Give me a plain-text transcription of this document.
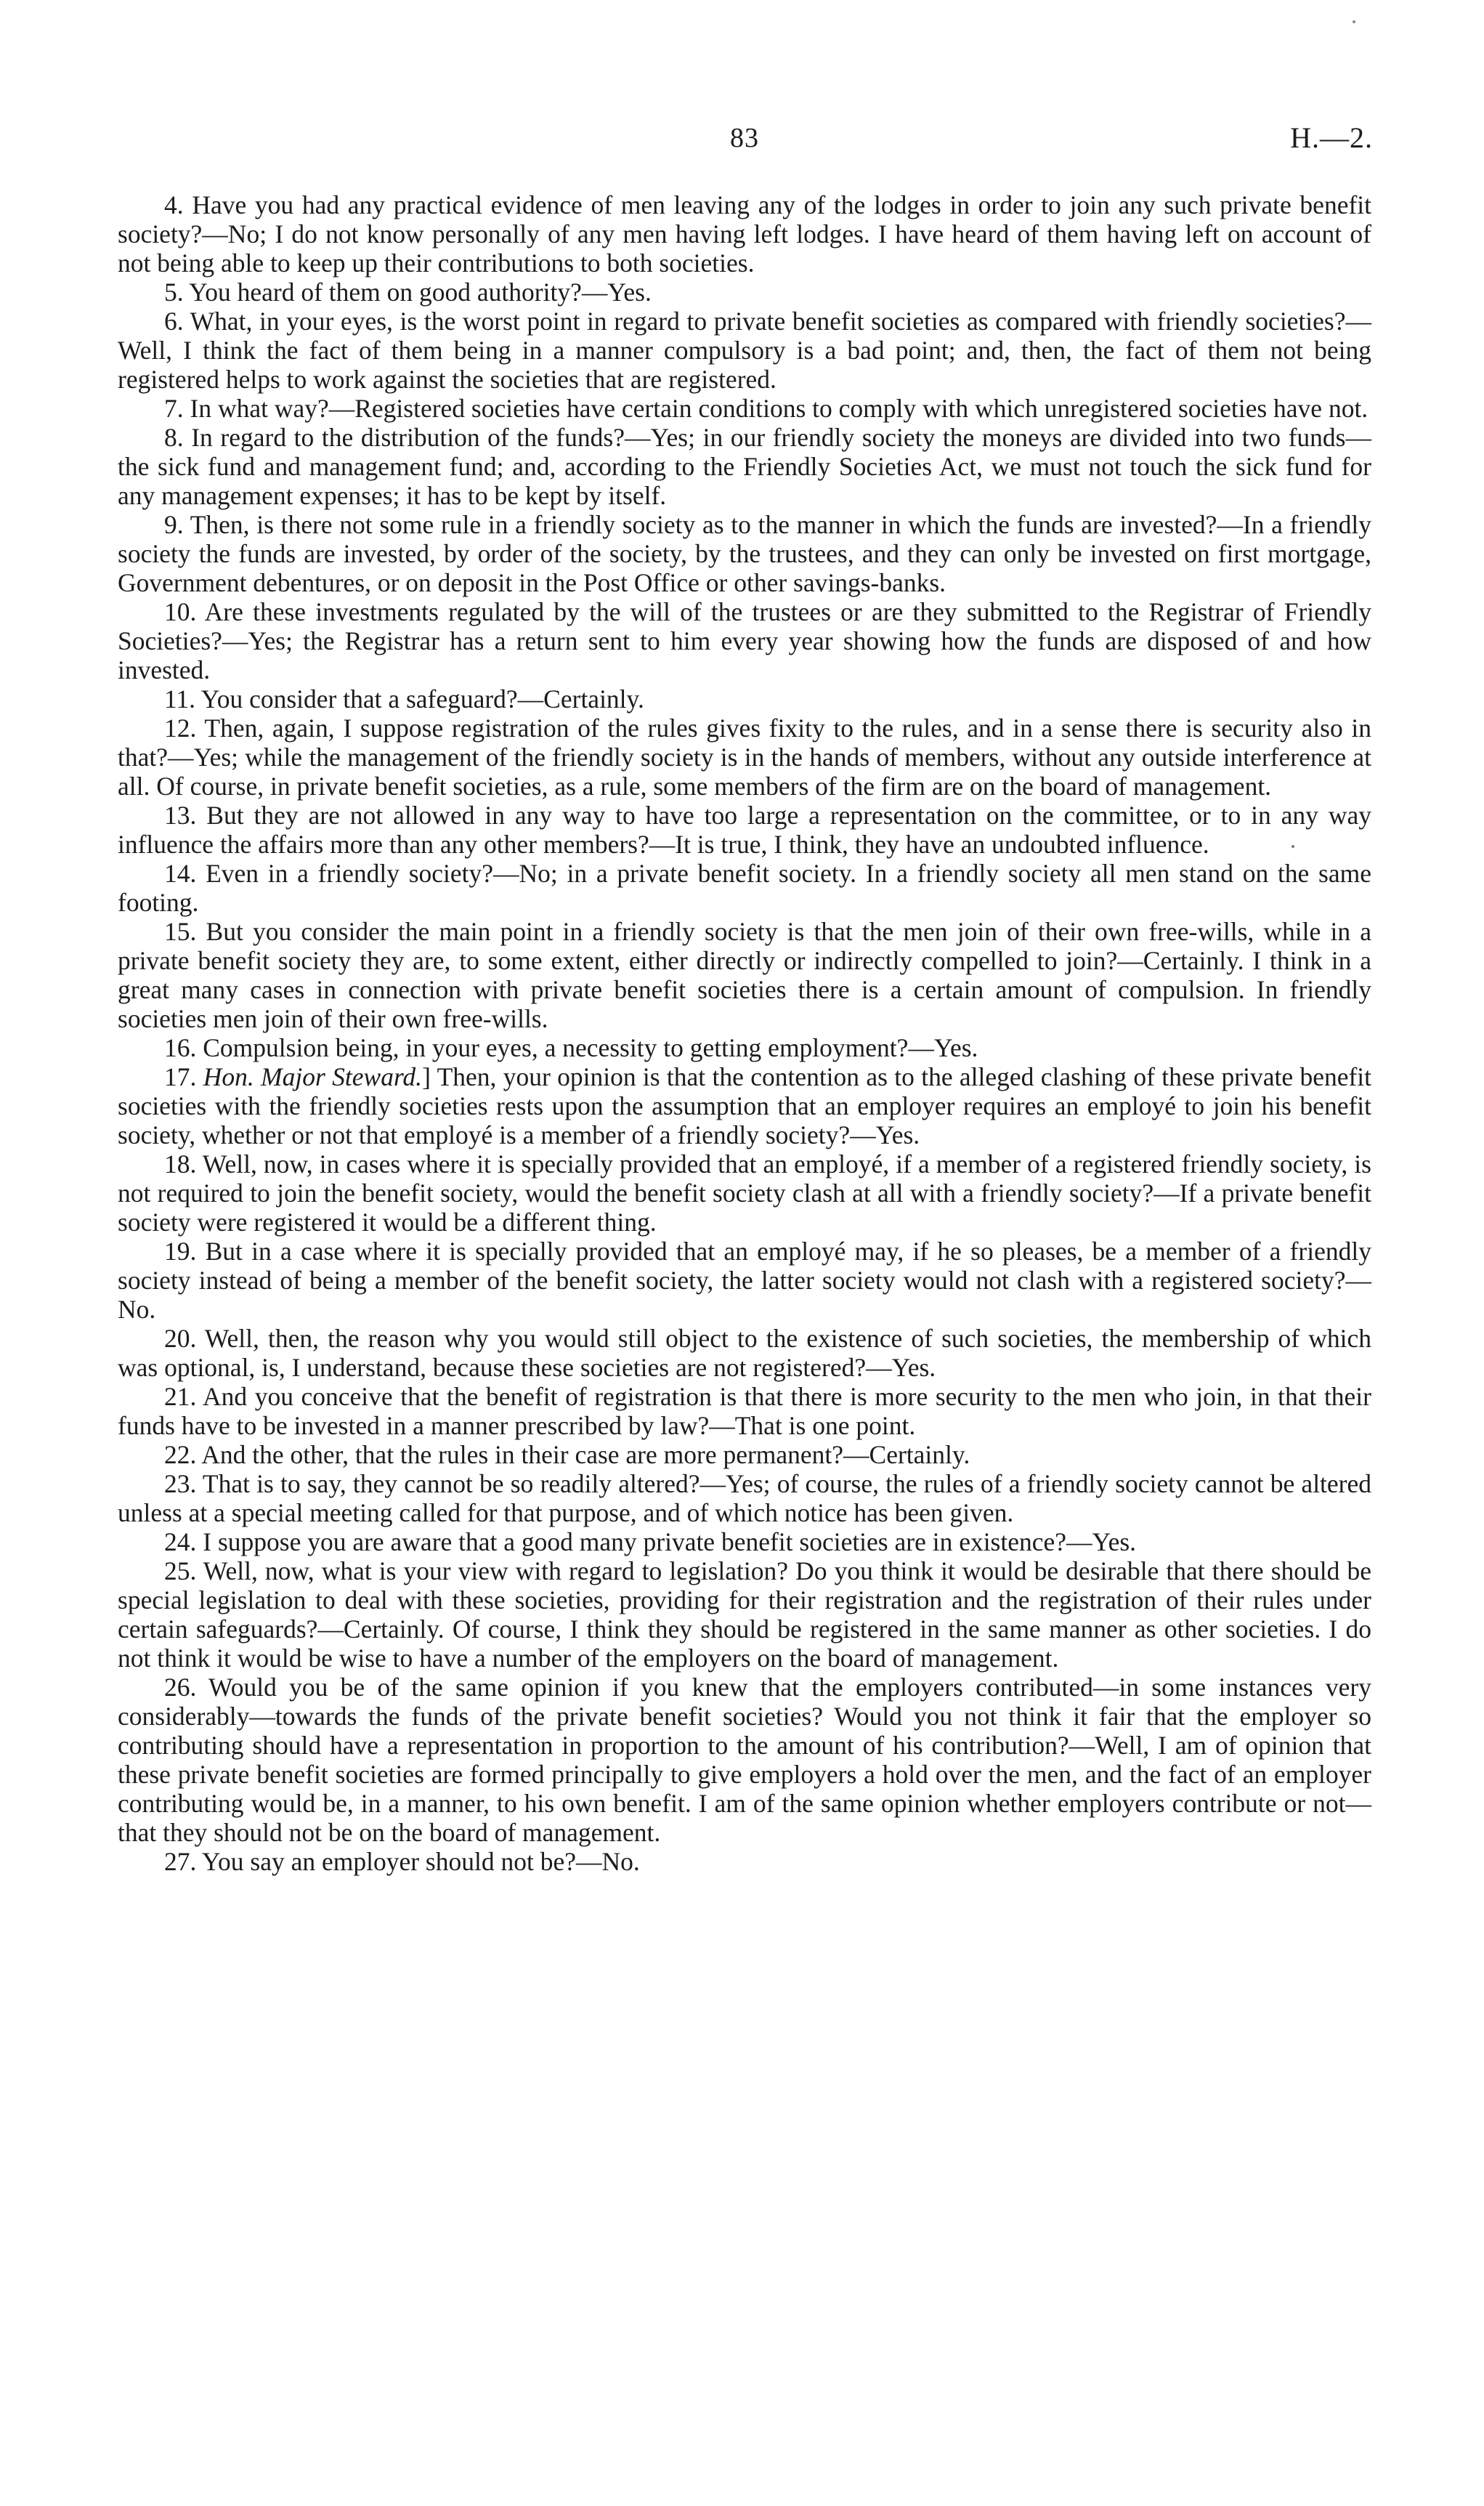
83	H.—2.

4. Have you had any practical evidence of men leaving any of the lodges in order to join any such private benefit society?—No; I do not know personally of any men having left lodges. I have heard of them having left on account of not being able to keep up their contributions to both societies.

5. You heard of them on good authority?—Yes.

6. What, in your eyes, is the worst point in regard to private benefit societies as compared with friendly societies?—Well, I think the fact of them being in a manner compulsory is a bad point; and, then, the fact of them not being registered helps to work against the societies that are registered.

7. In what way?—Registered societies have certain conditions to comply with which unregistered societies have not.

8. In regard to the distribution of the funds?—Yes; in our friendly society the moneys are divided into two funds—the sick fund and management fund; and, according to the Friendly Societies Act, we must not touch the sick fund for any management expenses; it has to be kept by itself.

9. Then, is there not some rule in a friendly society as to the manner in which the funds are invested?—In a friendly society the funds are invested, by order of the society, by the trustees, and they can only be invested on first mortgage, Government debentures, or on deposit in the Post Office or other savings-banks.

10. Are these investments regulated by the will of the trustees or are they submitted to the Registrar of Friendly Societies?—Yes; the Registrar has a return sent to him every year showing how the funds are disposed of and how invested.

11. You consider that a safeguard?—Certainly.

12. Then, again, I suppose registration of the rules gives fixity to the rules, and in a sense there is security also in that?—Yes; while the management of the friendly society is in the hands of members, without any outside interference at all. Of course, in private benefit societies, as a rule, some members of the firm are on the board of management.

13. But they are not allowed in any way to have too large a representation on the committee, or to in any way influence the affairs more than any other members?—It is true, I think, they have an undoubted influence.

14. Even in a friendly society?—No; in a private benefit society. In a friendly society all men stand on the same footing.

15. But you consider the main point in a friendly society is that the men join of their own free-wills, while in a private benefit society they are, to some extent, either directly or indirectly compelled to join?—Certainly. I think in a great many cases in connection with private benefit societies there is a certain amount of compulsion. In friendly societies men join of their own free-wills.

16. Compulsion being, in your eyes, a necessity to getting employment?—Yes.

17. Hon. Major Steward.] Then, your opinion is that the contention as to the alleged clashing of these private benefit societies with the friendly societies rests upon the assumption that an employer requires an employé to join his benefit society, whether or not that employé is a member of a friendly society?—Yes.

18. Well, now, in cases where it is specially provided that an employé, if a member of a registered friendly society, is not required to join the benefit society, would the benefit society clash at all with a friendly society?—If a private benefit society were registered it would be a different thing.

19. But in a case where it is specially provided that an employé may, if he so pleases, be a member of a friendly society instead of being a member of the benefit society, the latter society would not clash with a registered society?—No.

20. Well, then, the reason why you would still object to the existence of such societies, the membership of which was optional, is, I understand, because these societies are not registered?—Yes.

21. And you conceive that the benefit of registration is that there is more security to the men who join, in that their funds have to be invested in a manner prescribed by law?—That is one point.

22. And the other, that the rules in their case are more permanent?—Certainly.

23. That is to say, they cannot be so readily altered?—Yes; of course, the rules of a friendly society cannot be altered unless at a special meeting called for that purpose, and of which notice has been given.

24. I suppose you are aware that a good many private benefit societies are in existence?—Yes.

25. Well, now, what is your view with regard to legislation? Do you think it would be desirable that there should be special legislation to deal with these societies, providing for their registration and the registration of their rules under certain safeguards?—Certainly. Of course, I think they should be registered in the same manner as other societies. I do not think it would be wise to have a number of the employers on the board of management.

26. Would you be of the same opinion if you knew that the employers contributed—in some instances very considerably—towards the funds of the private benefit societies? Would you not think it fair that the employer so contributing should have a representation in proportion to the amount of his contribution?—Well, I am of opinion that these private benefit societies are formed principally to give employers a hold over the men, and the fact of an employer contributing would be, in a manner, to his own benefit. I am of the same opinion whether employers contribute or not—that they should not be on the board of management.

27. You say an employer should not be?—No.
